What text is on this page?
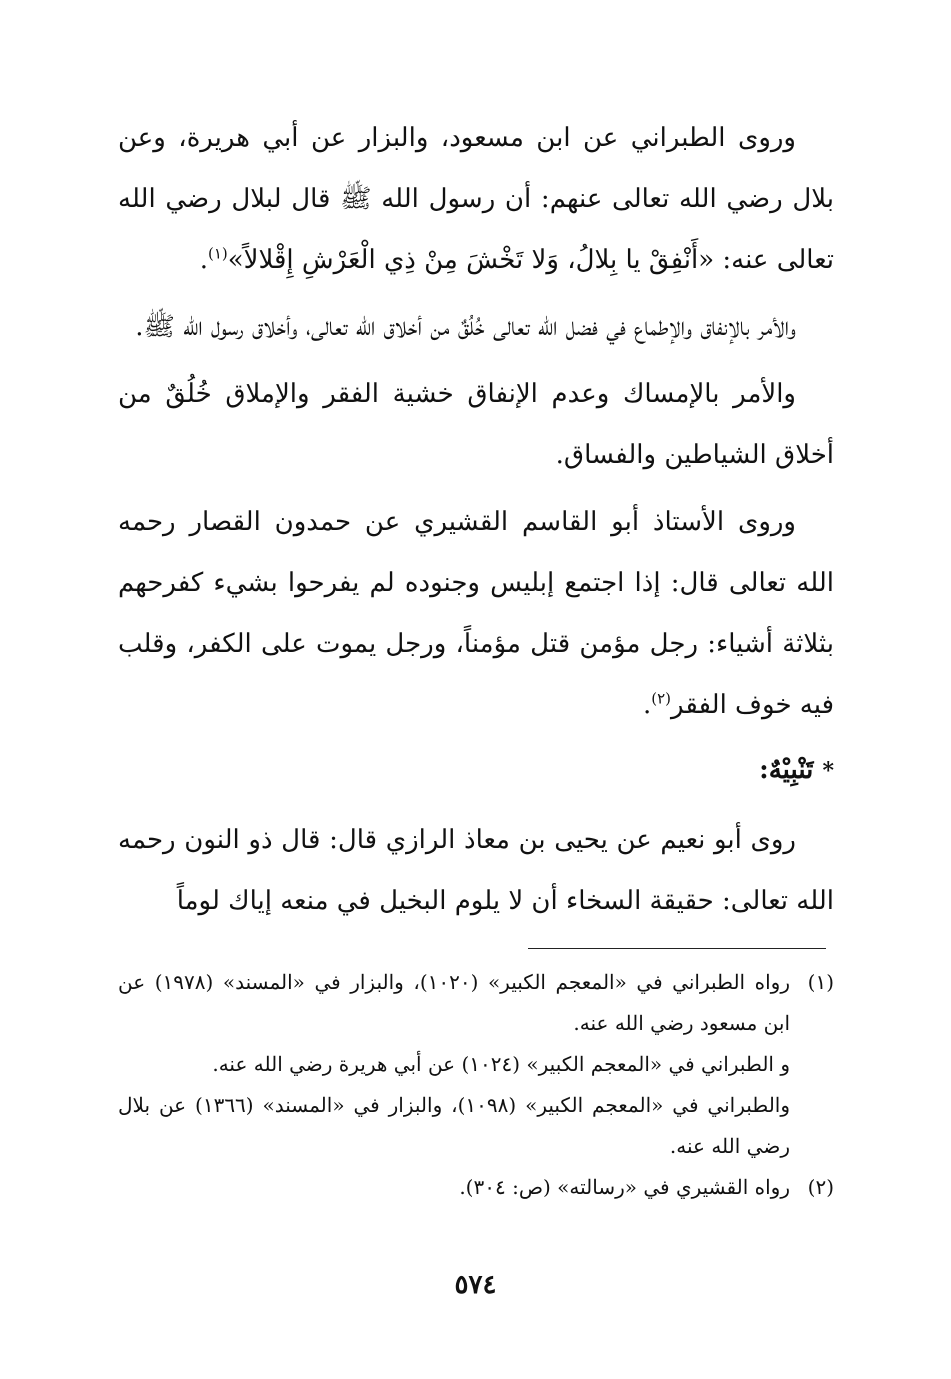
وروى الطبراني عن ابن مسعود، والبزار عن أبي هريرة، وعن بلال رضي الله تعالى عنهم: أن رسول الله ﷺ قال لبلال رضي الله تعالى عنه: «أَنْفِقْ يا بِلالُ، وَلا تَخْشَ مِنْ ذِي الْعَرْشِ إِقْلالاً»$^{(١)}$.

والأمر بالإنفاق والإطماع في فضل الله تعالى خُلُقٌ من أخلاق الله تعالى، وأخلاق رسول الله ﷺ.

والأمر بالإمساك وعدم الإنفاق خشية الفقر والإملاق خُلُقٌ من أخلاق الشياطين والفساق.

وروى الأستاذ أبو القاسم القشيري عن حمدون القصار رحمه الله تعالى قال: إذا اجتمع إبليس وجنوده لم يفرحوا بشيء كفرحهم بثلاثة أشياء: رجل مؤمن قتل مؤمناً، ورجل يموت على الكفر، وقلب فيه خوف الفقر$^{(٢)}$.

* تَنْبِيْهٌ:

روى أبو نعيم عن يحيى بن معاذ الرازي قال: قال ذو النون رحمه الله تعالى: حقيقة السخاء أن لا يلوم البخيل في منعه إياك لوماً

(١)
رواه الطبراني في «المعجم الكبير» (١٠٢٠)، والبزار في «المسند» (١٩٧٨) عن ابن مسعود رضي الله عنه.

و الطبراني في «المعجم الكبير» (١٠٢٤) عن أبي هريرة رضي الله عنه.

والطبراني في «المعجم الكبير» (١٠٩٨)، والبزار في «المسند» (١٣٦٦) عن بلال رضي الله عنه.

(٢)
رواه القشيري في «رسالته» (ص: ٣٠٤).
٥٧٤
